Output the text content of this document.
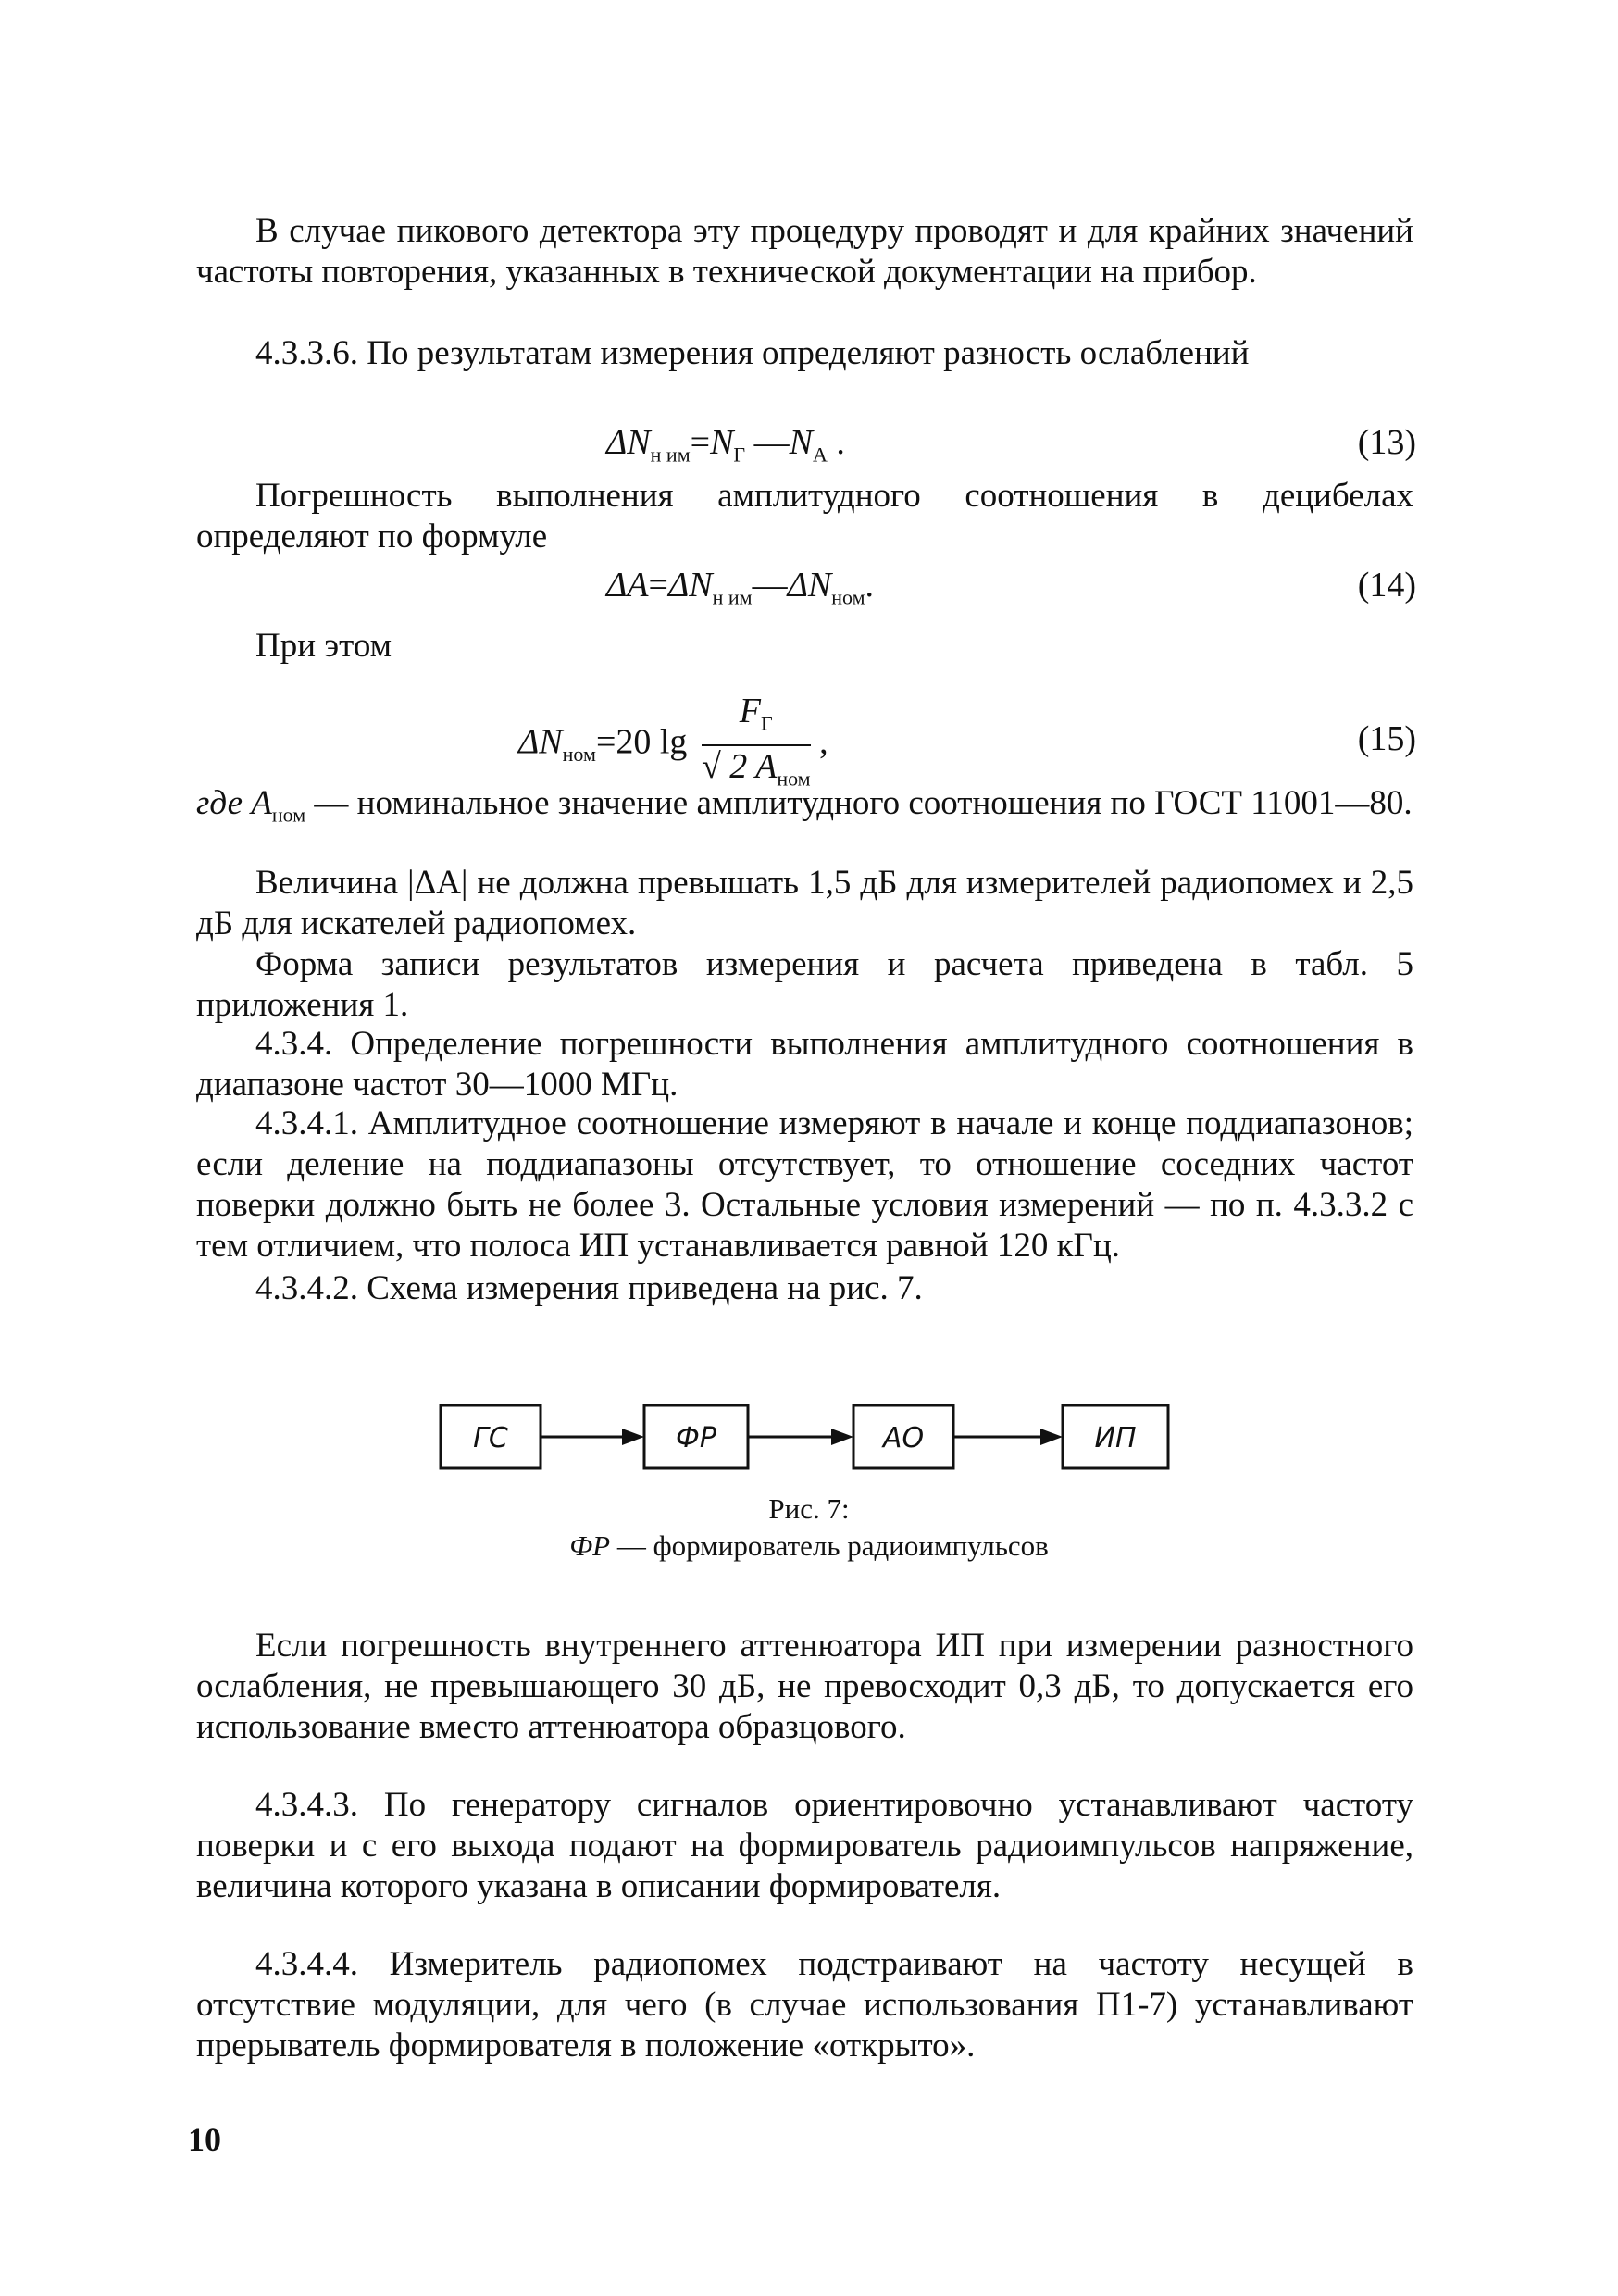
В случае пикового детектора эту процедуру проводят и для крайних значений частоты повторения, указанных в технической документации на прибор.

4.3.3.6. По результатам измерения определяют разность ослаблений

$\Delta N_{н им}=N_Г$ $—N_А$ .	(13)

Погрешность выполнения амплитудного соотношения в децибелах определяют по формуле

$\Delta A=\Delta N_{н им}—\Delta N_{ном}$.	(14)

При этом

$\Delta N_{ном}=20$ $\lg \frac{F_Г}{√ 2 A_{ном}}$ ,	(15)

где $A_{ном}$ — номинальное значение амплитудного соотношения по ГОСТ 11001—80.

Величина |ΔA| не должна превышать 1,5 дБ для измерителей радиопомех и 2,5 дБ для искателей радиопомех.

Форма записи результатов измерения и расчета приведена в табл. 5 приложения 1.

4.3.4. Определение погрешности выполнения амплитудного соотношения в диапазоне частот 30—1000 МГц.

4.3.4.1. Амплитудное соотношение измеряют в начале и конце поддиапазонов; если деление на поддиапазоны отсутствует, то отношение соседних частот поверки должно быть не более 3. Остальные условия измерений — по п. 4.3.3.2 с тем отличием, что полоса ИП устанавливается равной 120 кГц.

4.3.4.2. Схема измерения приведена на рис. 7.

ГС	ФР	АО	ИП
Рис. 7:
ФР — формирователь радиоимпульсов

Если погрешность внутреннего аттенюатора ИП при измерении разностного ослабления, не превышающего 30 дБ, не превосходит 0,3 дБ, то допускается его использование вместо аттенюатора образцового.

4.3.4.3. По генератору сигналов ориентировочно устанавливают частоту поверки и с его выхода подают на формирователь радиоимпульсов напряжение, величина которого указана в описании формирователя.

4.3.4.4. Измеритель радиопомех подстраивают на частоту несущей в отсутствие модуляции, для чего (в случае использования П1-7) устанавливают прерыватель формирователя в положение «открыто».

10
